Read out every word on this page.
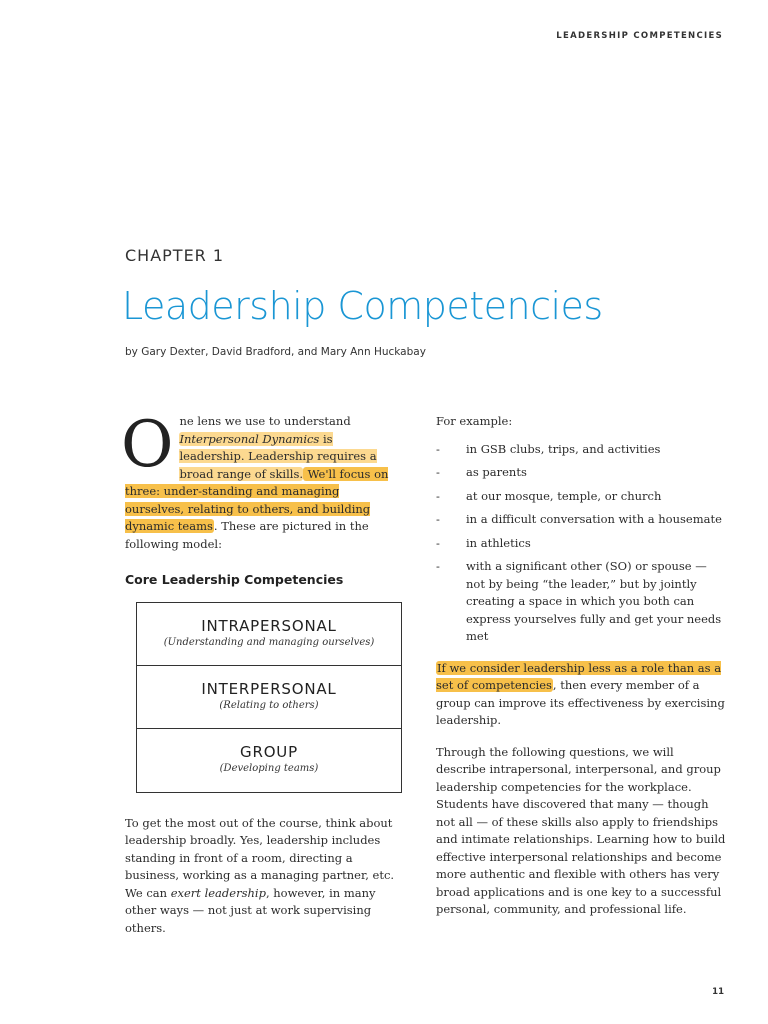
LEADERSHIP COMPETENCIES
CHAPTER 1
Leadership Competencies
by Gary Dexter, David Bradford, and Mary Ann Huckabay

One lens we use to understand Interpersonal Dynamics is leadership. Leadership requires a broad range of skills. We'll focus on three: under-standing and managing ourselves, relating to others, and building dynamic teams. These are pictured in the following model:

Core Leadership Competencies
INTRAPERSONAL
(Understanding and managing ourselves)
INTERPERSONAL
(Relating to others)
GROUP
(Developing teams)

To get the most out of the course, think about leadership broadly. Yes, leadership includes standing in front of a room, directing a business, working as a managing partner, etc. We can exert leadership, however, in many other ways — not just at work supervising others.

For example:

- in GSB clubs, trips, and activities
- as parents
- at our mosque, temple, or church
- in a difficult conversation with a housemate
- in athletics
- with a significant other (SO) or spouse — not by being “the leader,” but by jointly creating a space in which you both can express yourselves fully and get your needs met

If we consider leadership less as a role than as a set of competencies, then every member of a group can improve its effectiveness by exercising leadership.

Through the following questions, we will describe intrapersonal, interpersonal, and group leadership competencies for the workplace. Students have discovered that many — though not all — of these skills also apply to friendships and intimate relationships. Learning how to build effective interpersonal relationships and become more authentic and flexible with others has very broad applications and is one key to a successful personal, community, and professional life.

11
